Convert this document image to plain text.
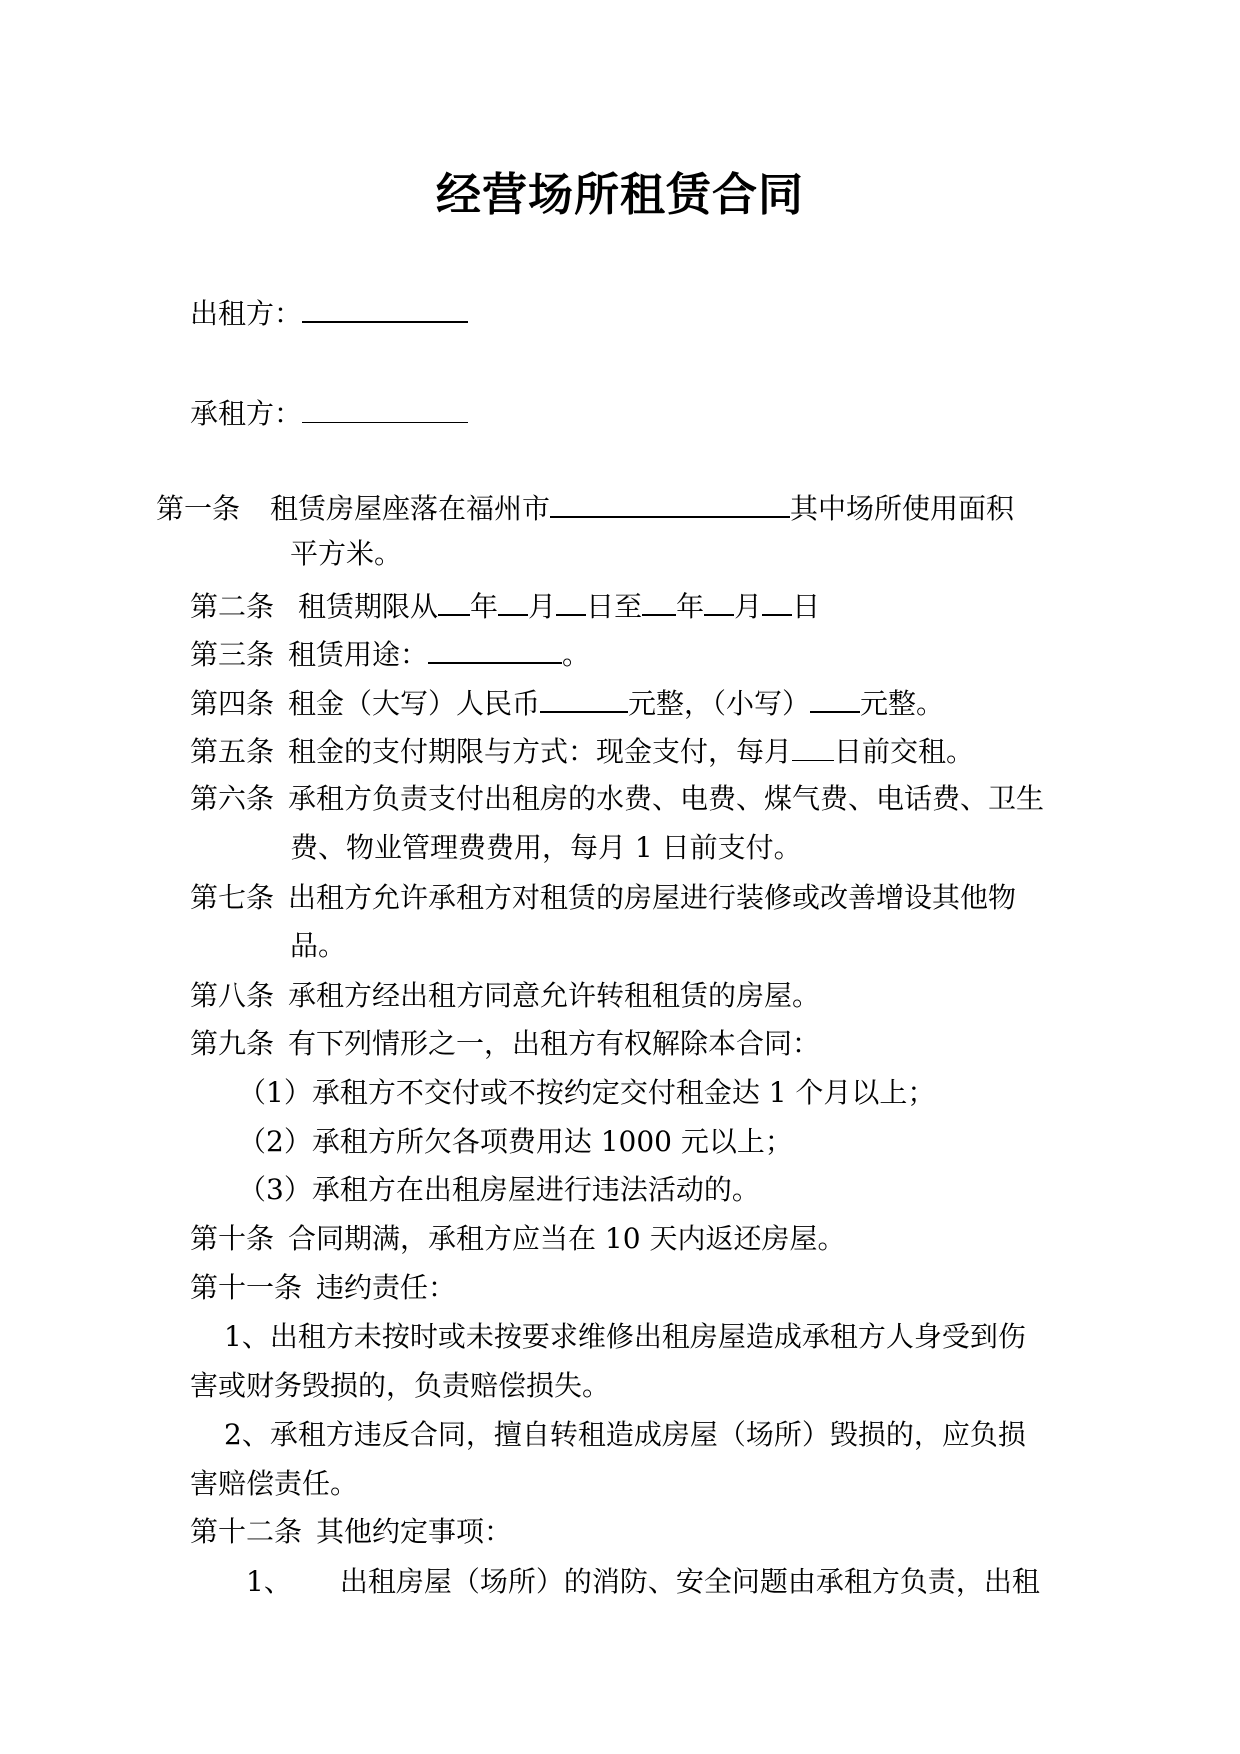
经营场所租赁合同
出租方：
承租方：
第一条 租赁房屋座落在福州市	其中场所使用面积
平方米。
第二条 租赁期限从 年 月 日至 年 月 日
第三条 租赁用途：	。
第四条 租金（大写）人民币	元整，（小写） 元整。
第五条 租金的支付期限与方式：现金支付，每月 日前交租。
第六条 承租方负责支付出租房的水费、电费、煤气费、电话费、卫生
费、物业管理费费用，每月 1 日前支付。
第七条 出租方允许承租方对租赁的房屋进行装修或改善增设其他物
品。
第八条 承租方经出租方同意允许转租租赁的房屋。
第九条 有下列情形之一，出租方有权解除本合同：
（1）承租方不交付或不按约定交付租金达 1 个月以上；
（2）承租方所欠各项费用达 1000 元以上；
（3）承租方在出租房屋进行违法活动的。
第十条 合同期满，承租方应当在 10 天内返还房屋。
第十一条 违约责任：
1、出租方未按时或未按要求维修出租房屋造成承租方人身受到伤
害或财务毁损的，负责赔偿损失。
2、承租方违反合同，擅自转租造成房屋（场所）毁损的，应负损
害赔偿责任。
第十二条 其他约定事项：
1、 出租房屋（场所）的消防、安全问题由承租方负责，出租
